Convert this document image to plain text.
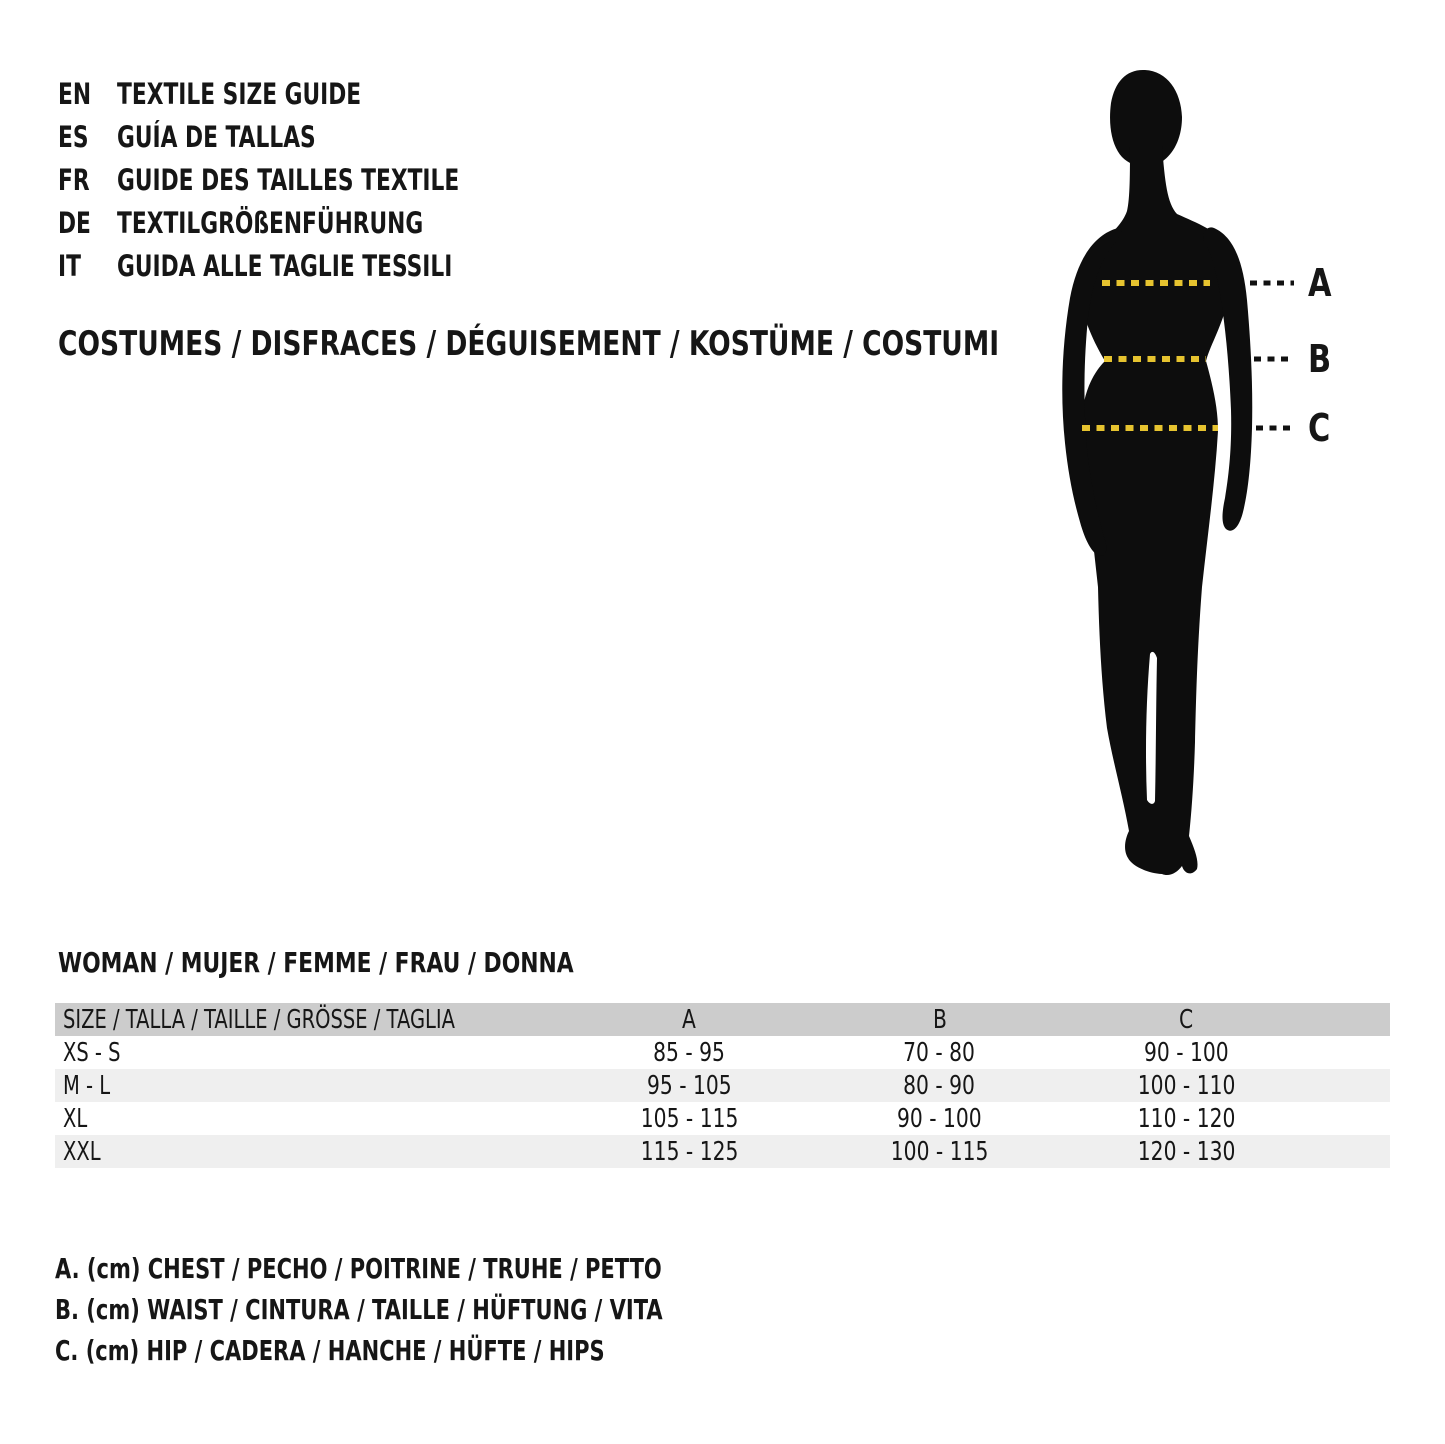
EN TEXTILE SIZE GUIDE
ES GUÍA DE TALLAS
FR GUIDE DES TAILLES TEXTILE
DE TEXTILGRÖßENFÜHRUNG
IT	GUIDA ALLE TAGLIE TESSILI
COSTUMES / DISFRACES / DÉGUISEMENT / KOSTÜME / COSTUMI
A
B
C
WOMAN / MUJER / FEMME / FRAU / DONNA
SIZE / TALLA / TAILLE / GRÖSSE / TAGLIA	A	B	C	
XS - S	85 - 95	70 - 80	90 - 100	
M - L	95 - 105	80 - 90	100 - 110	
XL	105 - 115	90 - 100	110 - 120	
XXL	115 - 125	100 - 115	120 - 130	
A. (cm) CHEST / PECHO / POITRINE / TRUHE / PETTO
B. (cm) WAIST / CINTURA / TAILLE / HÜFTUNG / VITA
C. (cm) HIP / CADERA / HANCHE / HÜFTE / HIPS
